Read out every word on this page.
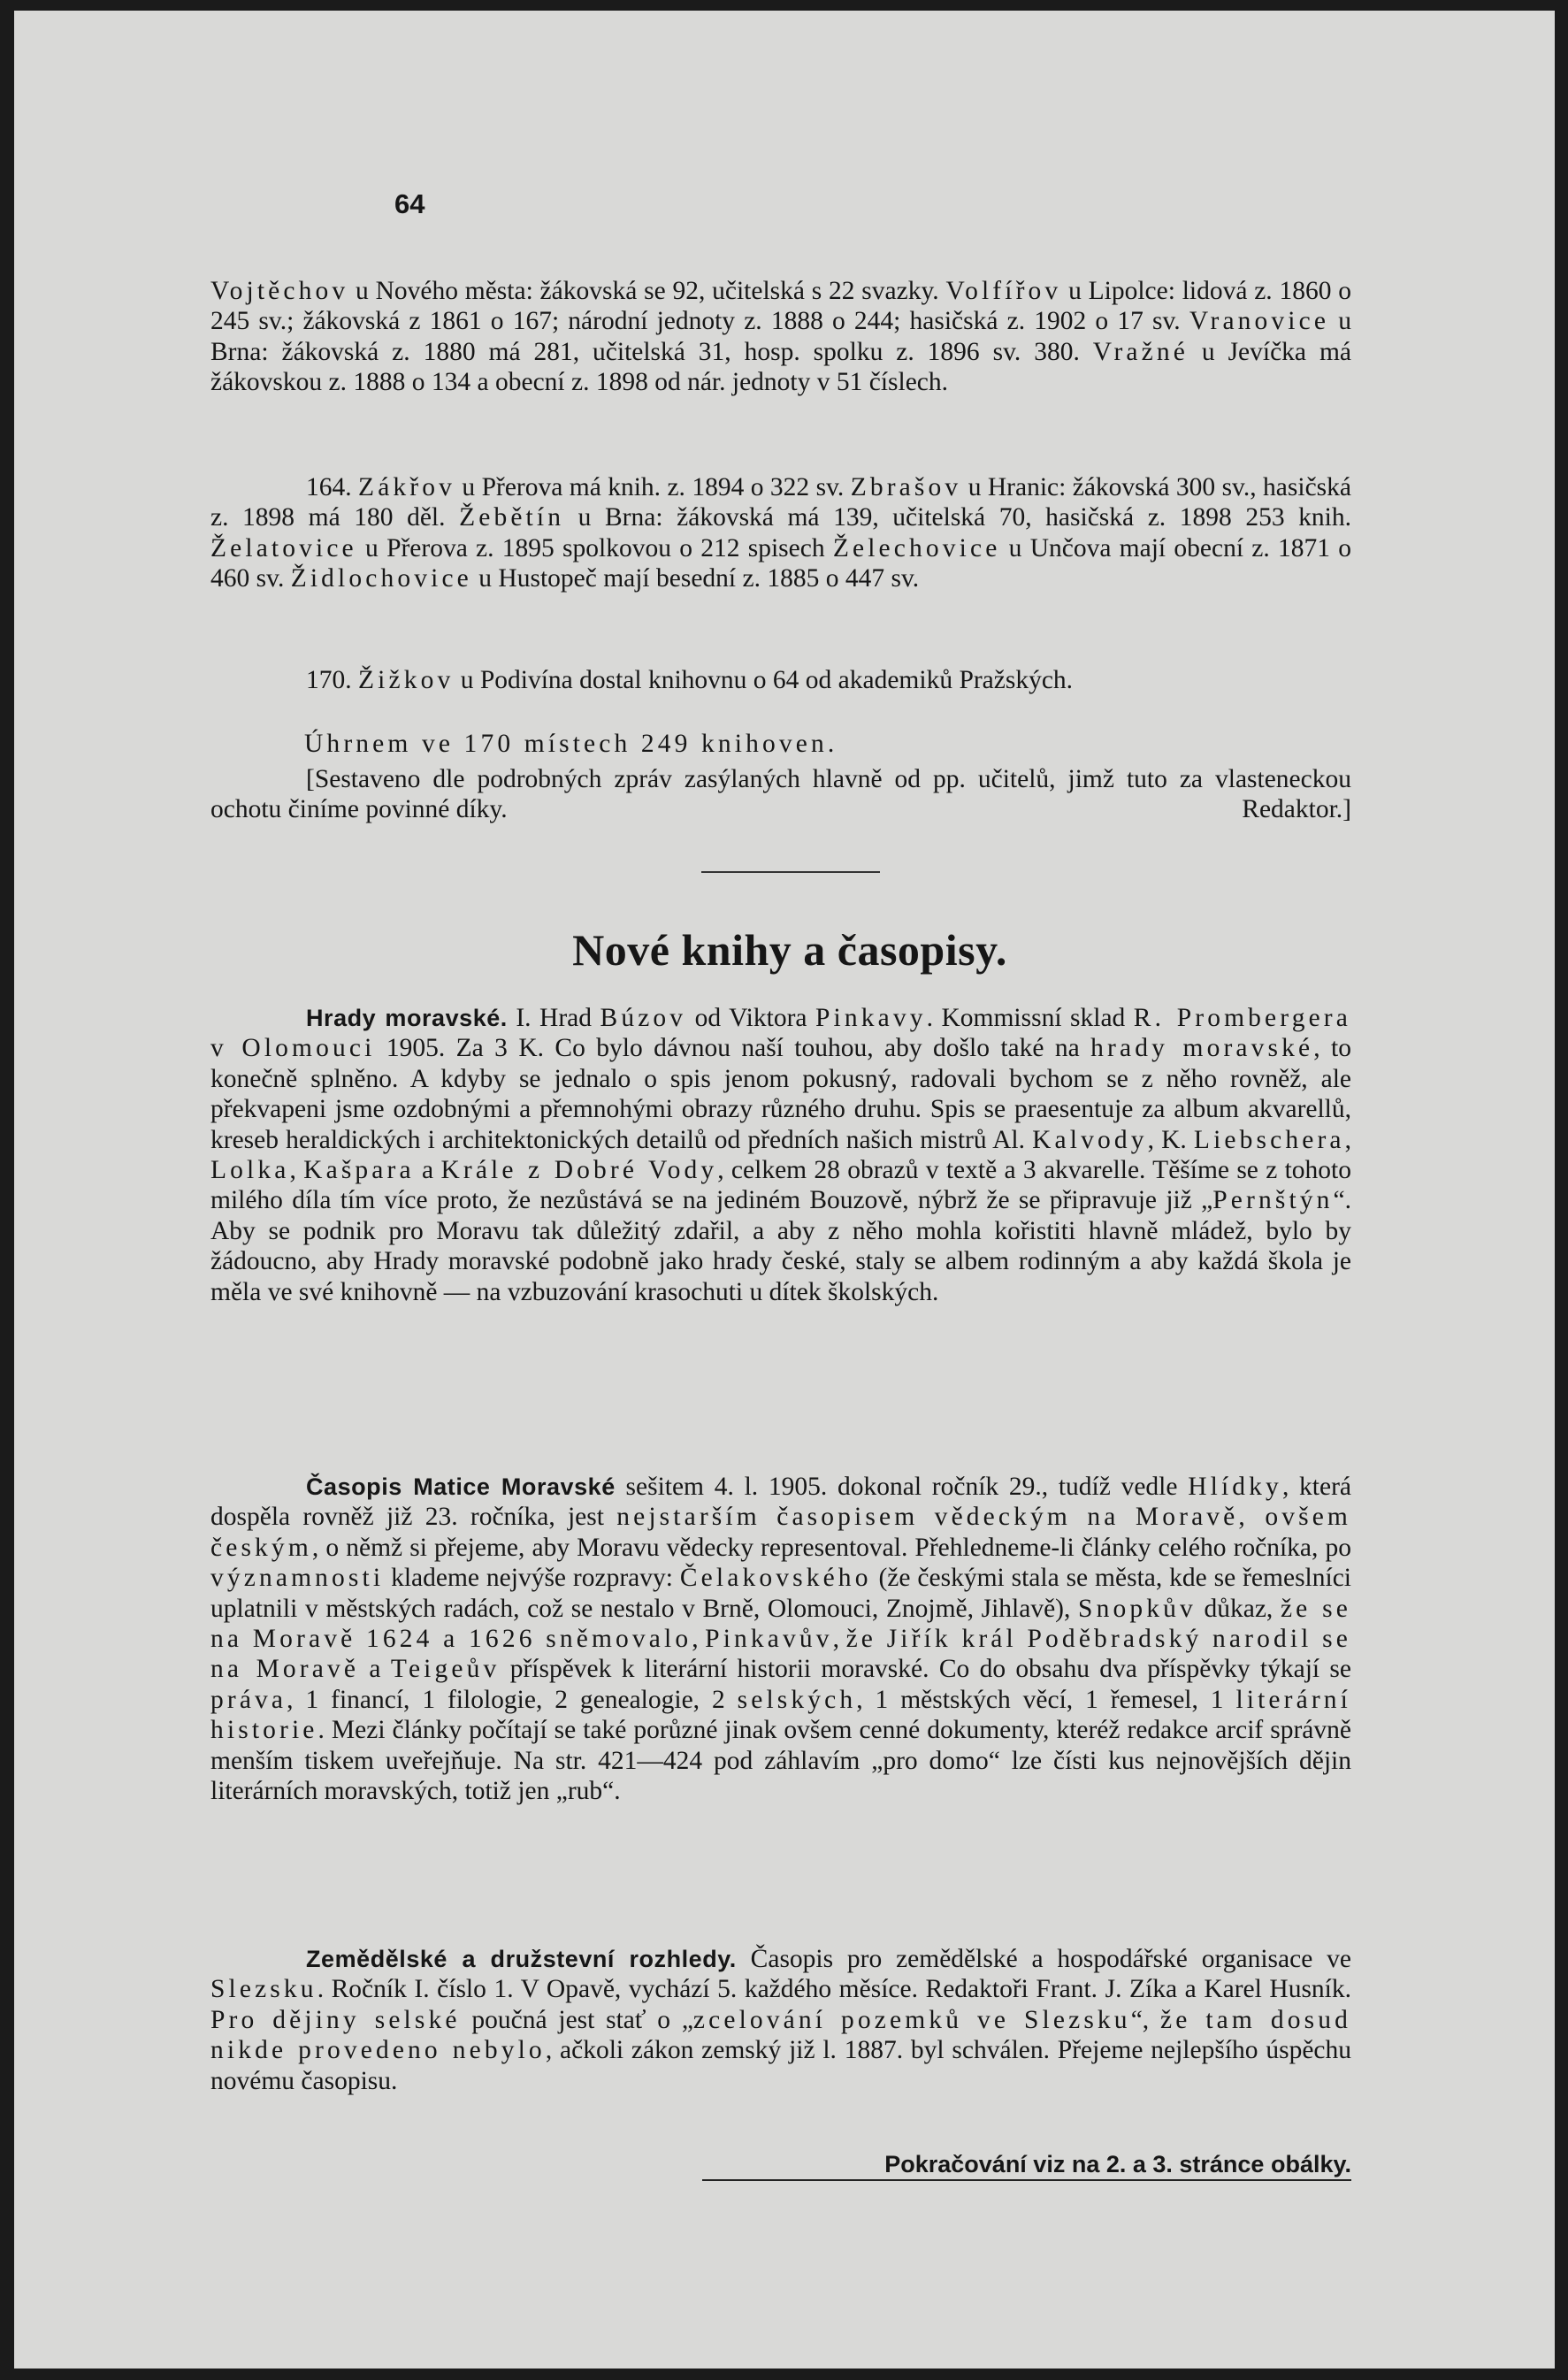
64

Vojtěchov u Nového města: žákovská se 92, učitelská s 22 svazky. Volfířov u Lipolce: lidová z. 1860 o 245 sv.; žákovská z 1861 o 167; národní jednoty z. 1888 o 244; hasičská z. 1902 o 17 sv. Vranovice u Brna: žákovská z. 1880 má 281, učitelská 31, hosp. spolku z. 1896 sv. 380. Vražné u Jevíčka má žákovskou z. 1888 o 134 a obecní z. 1898 od nár. jednoty v 51 číslech.

164. Zákřov u Přerova má knih. z. 1894 o 322 sv. Zbrašov u Hranic: žákovská 300 sv., hasičská z. 1898 má 180 děl. Žebětín u Brna: žákovská má 139, učitelská 70, hasičská z. 1898 253 knih. Želatovice u Přerova z. 1895 spolkovou o 212 spisech Želechovice u Unčova mají obecní z. 1871 o 460 sv. Židlochovice u Hustopeč mají besední z. 1885 o 447 sv.

170. Žižkov u Podivína dostal knihovnu o 64 od akademiků Pražských.

Úhrnem ve 170 místech 249 knihoven.

[Sestaveno dle podrobných zpráv zasýlaných hlavně od pp. učitelů, jimž tuto za vlasteneckou ochotu činíme povinné díky.	Redaktor.]

Nové knihy a časopisy.

Hrady moravské. I. Hrad Búzov od Viktora Pinkavy. Kommissní sklad R. Prombergera v Olomouci 1905. Za 3 K. Co bylo dávnou naší touhou, aby došlo také na hrady moravské, to konečně splněno. A kdyby se jednalo o spis jenom pokusný, radovali bychom se z něho rovněž, ale překvapeni jsme ozdobnými a přemnohými obrazy různého druhu. Spis se praesentuje za album akvarellů, kreseb heraldických i architektonických detailů od předních našich mistrů Al. Kalvody, K. Liebschera, Lolka, Kašpara a Krále z Dobré Vody, celkem 28 obrazů v textě a 3 akvarelle. Těšíme se z tohoto milého díla tím více proto, že nezůstává se na jediném Bouzově, nýbrž že se připravuje již „Pernštýn“. Aby se podnik pro Moravu tak důležitý zdařil, a aby z něho mohla kořistiti hlavně mládež, bylo by žádoucno, aby Hrady moravské podobně jako hrady české, staly se albem rodinným a aby každá škola je měla ve své knihovně — na vzbuzování krasochuti u dítek školských.

Časopis Matice Moravské sešitem 4. l. 1905. dokonal ročník 29., tudíž vedle Hlídky, která dospěla rovněž již 23. ročníka, jest nejstarším časopisem vědeckým na Moravě, ovšem českým, o němž si přejeme, aby Moravu vědecky representoval. Přehledneme-li články celého ročníka, po významnosti klademe nejvýše rozpravy: Čelakovského (že českými stala se města, kde se řemeslníci uplatnili v městských radách, což se nestalo v Brně, Olomouci, Znojmě, Jihlavě), Snopkův důkaz, že se na Moravě 1624 a 1626 sněmovalo, Pinkavův, že Jiřík král Poděbradský narodil se na Moravě a Teigeův příspěvek k literární historii moravské. Co do obsahu dva příspěvky týkají se práva, 1 financí, 1 filologie, 2 genealogie, 2 selských, 1 městských věcí, 1 řemesel, 1 literární historie. Mezi články počítají se také porůzné jinak ovšem cenné dokumenty, kteréž redakce arcif správně menším tiskem uveřejňuje. Na str. 421—424 pod záhlavím „pro domo“ lze čísti kus nejnovějších dějin literárních moravských, totiž jen „rub“.

Zemědělské a družstevní rozhledy. Časopis pro zemědělské a hospodářské organisace ve Slezsku. Ročník I. číslo 1. V Opavě, vychází 5. každého měsíce. Redaktoři Frant. J. Zíka a Karel Husník. Pro dějiny selské poučná jest stať o „zcelování pozemků ve Slezsku“, že tam dosud nikde provedeno nebylo, ačkoli zákon zemský již l. 1887. byl schválen. Přejeme nejlepšího úspěchu novému časopisu.

Pokračování viz na 2. a 3. stránce obálky.
